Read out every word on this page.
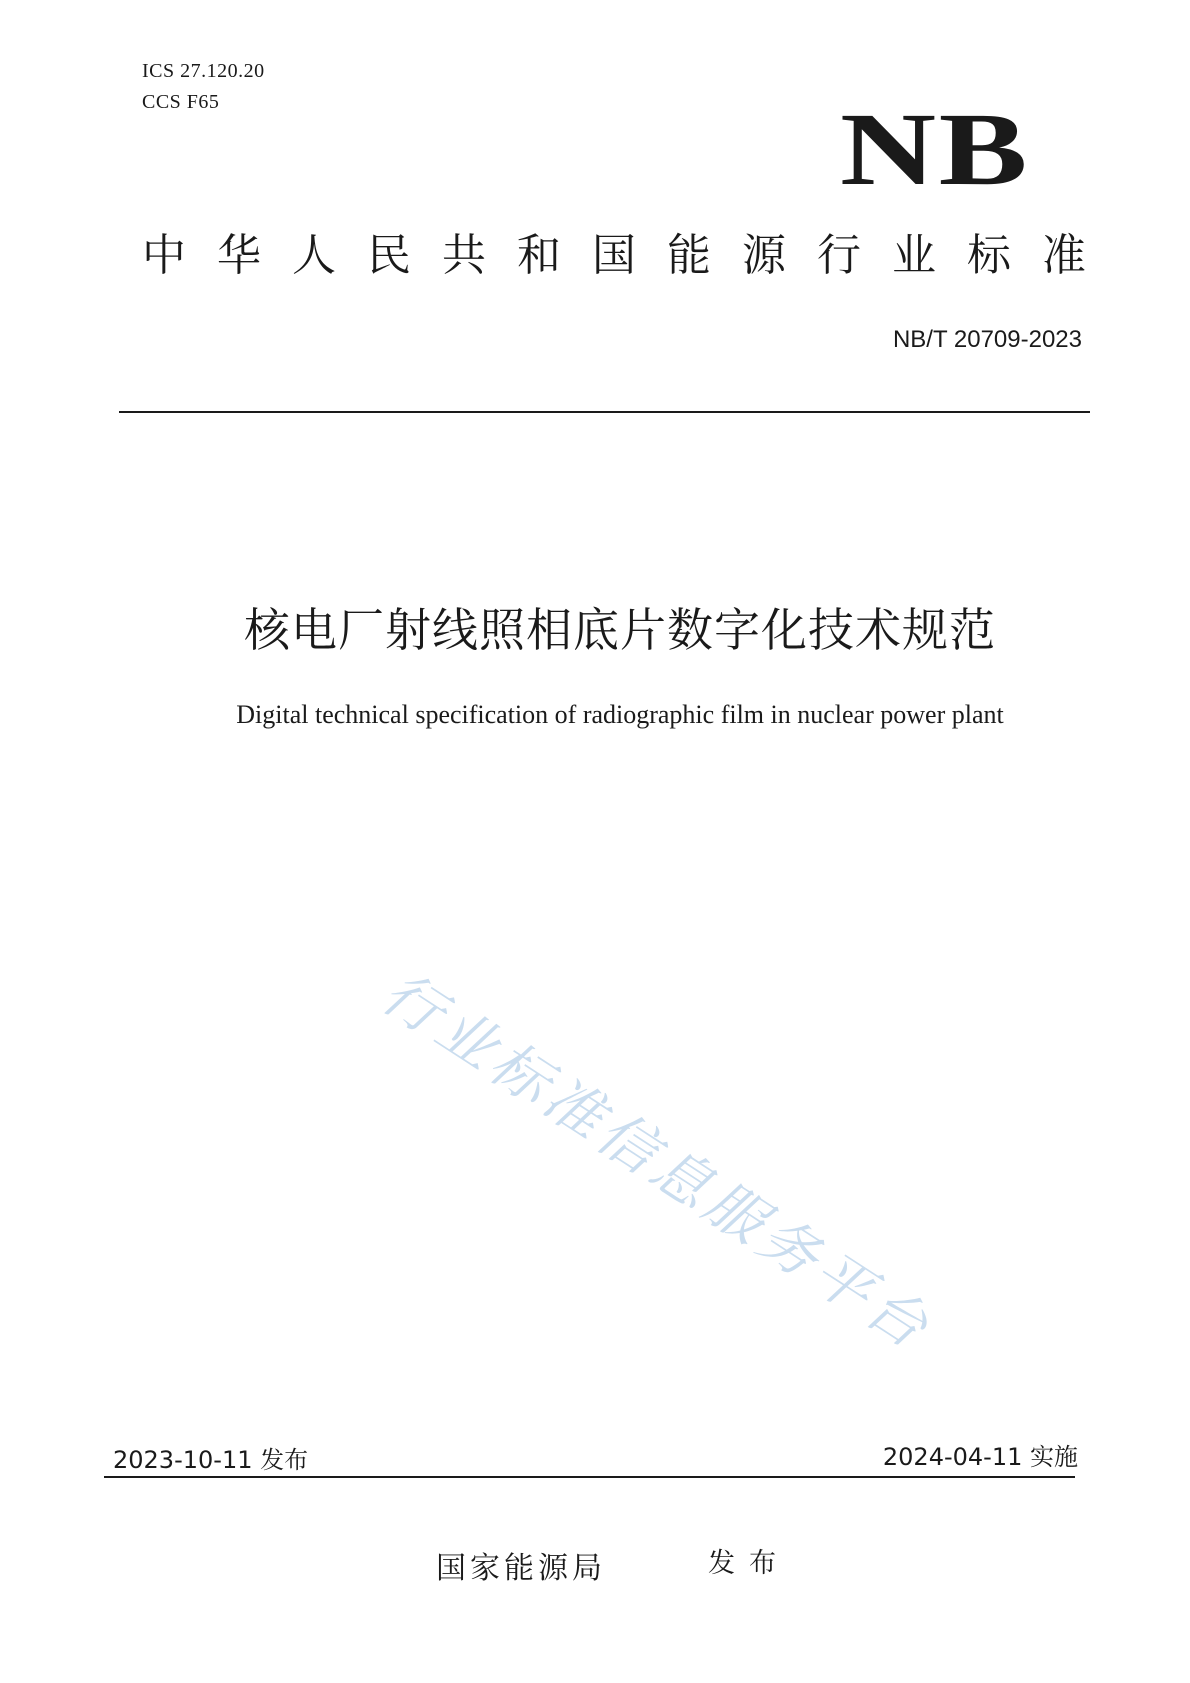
ICS 27.120.20
CCS F65	NB
中华人民共和国能源行业标准
NB/T 20709-2023
核电厂射线照相底片数字化技术规范
Digital technical specification of radiographic film in nuclear power plant
行业标准信息服务平台
2023-10-11 发布	2024-04-11 实施
国家能源局	发布
